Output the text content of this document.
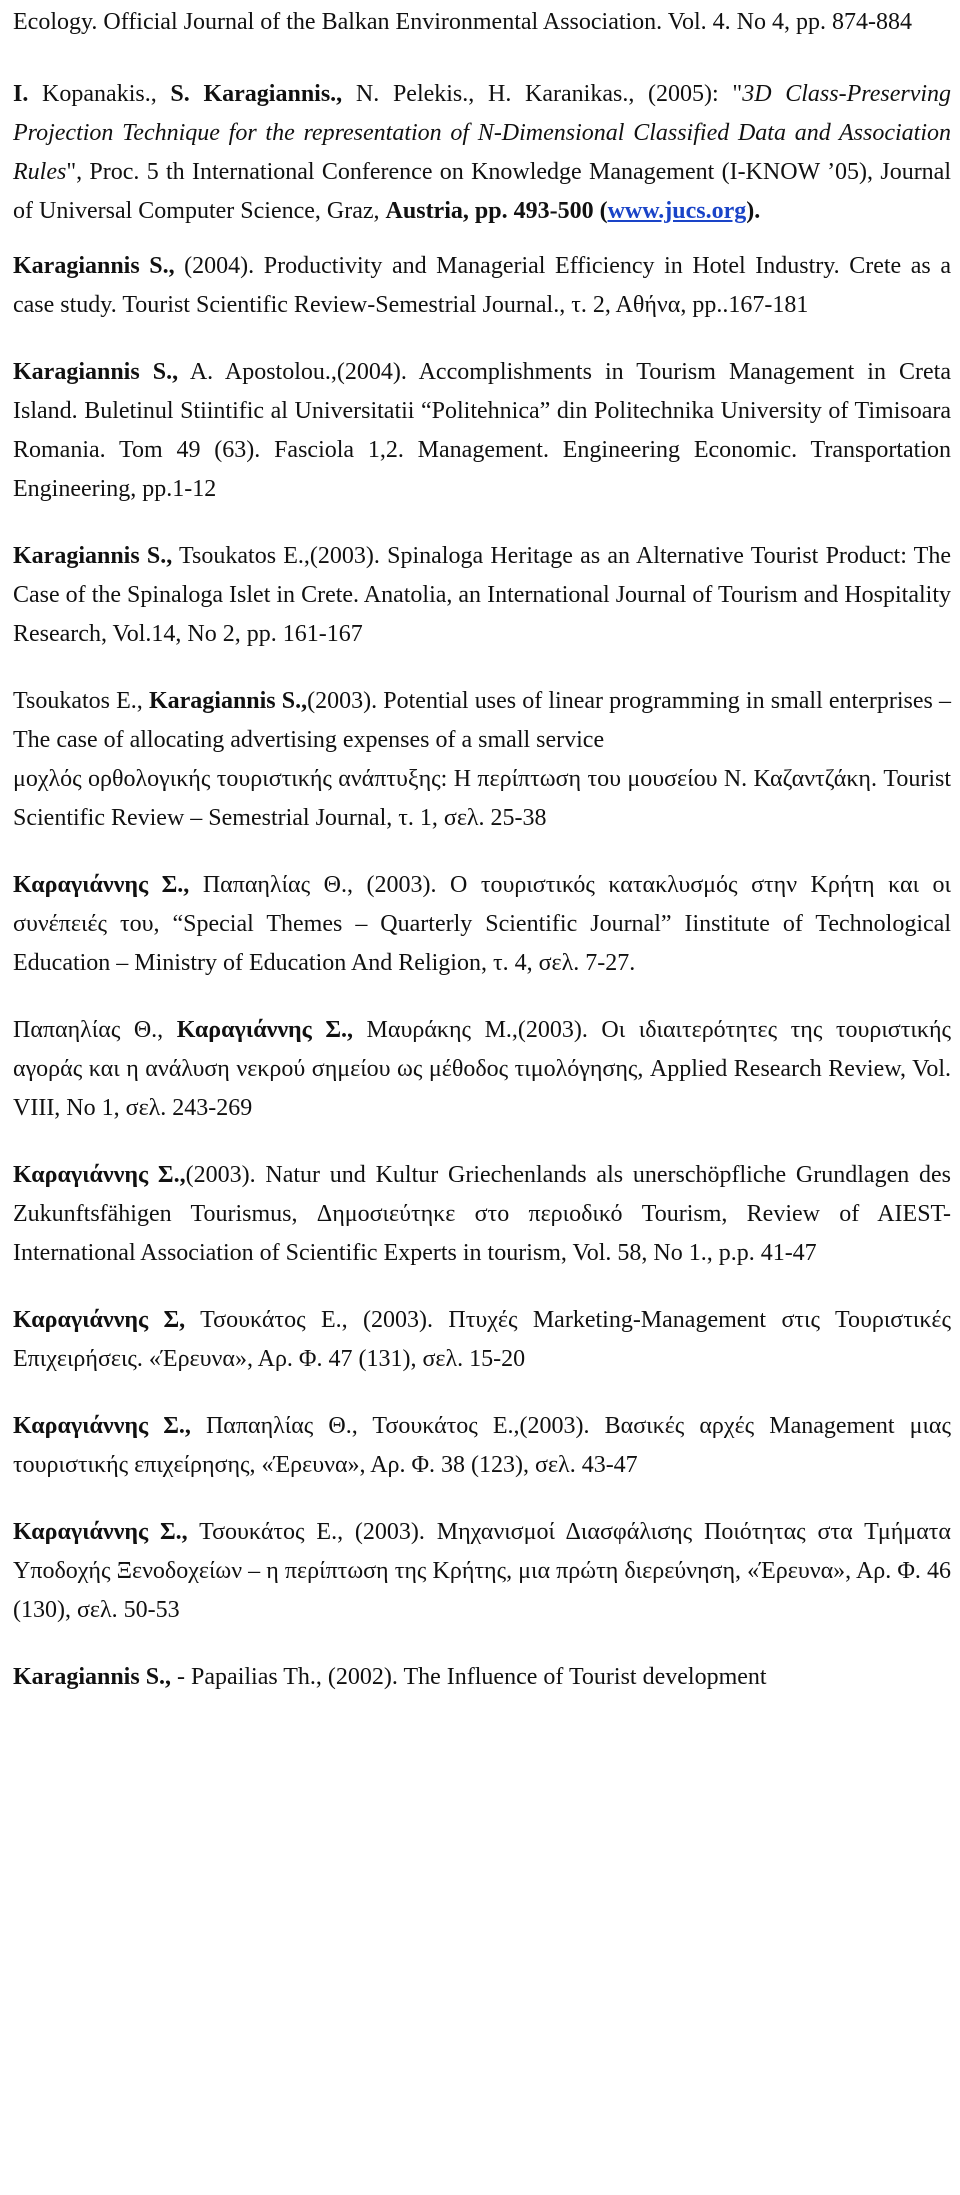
Ecology. Official Journal of the Balkan Environmental Association. Vol. 4. No 4, pp. 874-884

I. Kopanakis., S. Karagiannis., N. Pelekis., H. Karanikas., (2005): "3D Class-Preserving Projection Technique for the representation of N-Dimensional Classified Data and Association Rules", Proc. 5 th International Conference on Knowledge Management (I-KNOW ’05), Journal of Universal Computer Science, Graz, Austria, pp. 493-500 (www.jucs.org).

Karagiannis S., (2004). Productivity and Managerial Efficiency in Hotel Industry. Crete as a case study. Tourist Scientific Review-Semestrial Journal., τ. 2, Αθήνα, pp..167-181

Karagiannis S., A. Apostolou.,(2004). Accomplishments in Tourism Management in Creta Island. Buletinul Stiintific al Universitatii “Politehnica” din Politechnika University of Timisoara Romania. Tom 49 (63). Fasciola 1,2. Management. Engineering Economic. Transportation Engineering, pp.1-12

Karagiannis S., Tsoukatos E.,(2003). Spinaloga Heritage as an Alternative Tourist Product: The Case of the Spinaloga Islet in Crete. Anatolia, an International Journal of Tourism and Hospitality Research, Vol.14, No 2, pp. 161-167

Tsoukatos E., Karagiannis S.,(2003). Potential uses of linear programming in small enterprises – The case of allocating advertising expenses of a small service
μοχλός ορθολογικής τουριστικής ανάπτυξης: Η περίπτωση του μουσείου Ν. Καζαντζάκη. Tourist Scientific Review – Semestrial Journal, τ. 1, σελ. 25-38

Καραγιάννης Σ., Παπαηλίας Θ., (2003). Ο τουριστικός κατακλυσμός στην Κρήτη και οι συνέπειές του, “Special Themes – Quarterly Scientific Journal” Iinstitute of Technological Education – Ministry of Education And Religion, τ. 4, σελ. 7-27.

Παπαηλίας Θ., Καραγιάννης Σ., Μαυράκης Μ.,(2003). Οι ιδιαιτερότητες της τουριστικής αγοράς και η ανάλυση νεκρού σημείου ως μέθοδος τιμολόγησης, Applied Research Review, Vol. VIII, No 1, σελ. 243-269

Καραγιάννης Σ.,(2003). Natur und Kultur Griechenlands als unerschöpfliche Grundlagen des Zukunftsfähigen Tourismus, Δημοσιεύτηκε στο περιοδικό Tourism, Review of AIEST- International Association of Scientific Experts in tourism, Vol. 58, No 1., p.p. 41-47

Καραγιάννης Σ, Τσουκάτος Ε., (2003). Πτυχές Marketing-Management στις Τουριστικές Επιχειρήσεις. «Έρευνα», Αρ. Φ. 47 (131), σελ. 15-20

Καραγιάννης Σ., Παπαηλίας Θ., Τσουκάτος Ε.,(2003). Βασικές αρχές Management μιας τουριστικής επιχείρησης, «Έρευνα», Αρ. Φ. 38 (123), σελ. 43-47

Καραγιάννης Σ., Τσουκάτος Ε., (2003). Μηχανισμοί Διασφάλισης Ποιότητας στα Τμήματα Υποδοχής Ξενοδοχείων – η περίπτωση της Κρήτης, μια πρώτη διερεύνηση, «Έρευνα», Αρ. Φ. 46 (130), σελ. 50-53

Karagiannis S., - Papailias Th., (2002). The Influence of Tourist development
